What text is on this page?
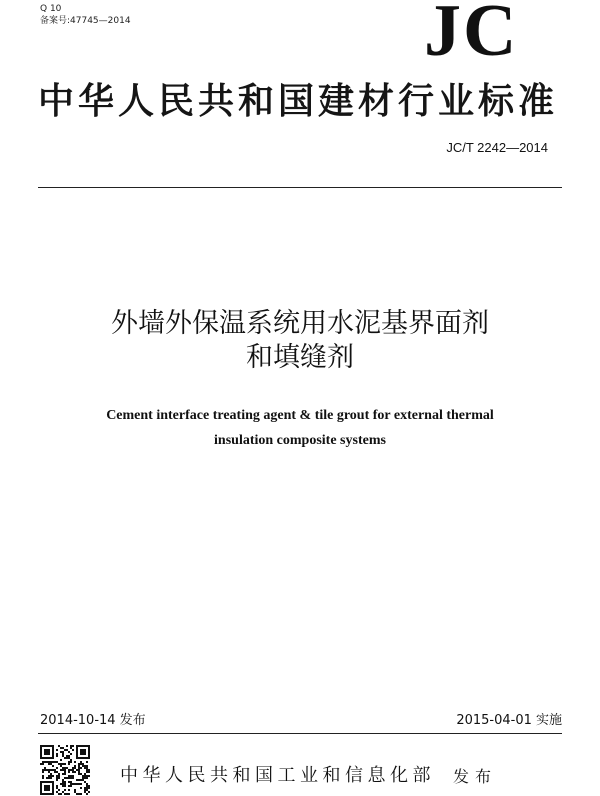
Q 10
备案号:47745—2014	JC
中华人民共和国建材行业标准
JC/T 2242—2014
外墙外保温系统用水泥基界面剂
和填缝剂
Cement interface treating agent & tile grout for external thermal
insulation composite systems
2014-10-14 发布	2015-04-01 实施
中华人民共和国工业和信息化部 发布
